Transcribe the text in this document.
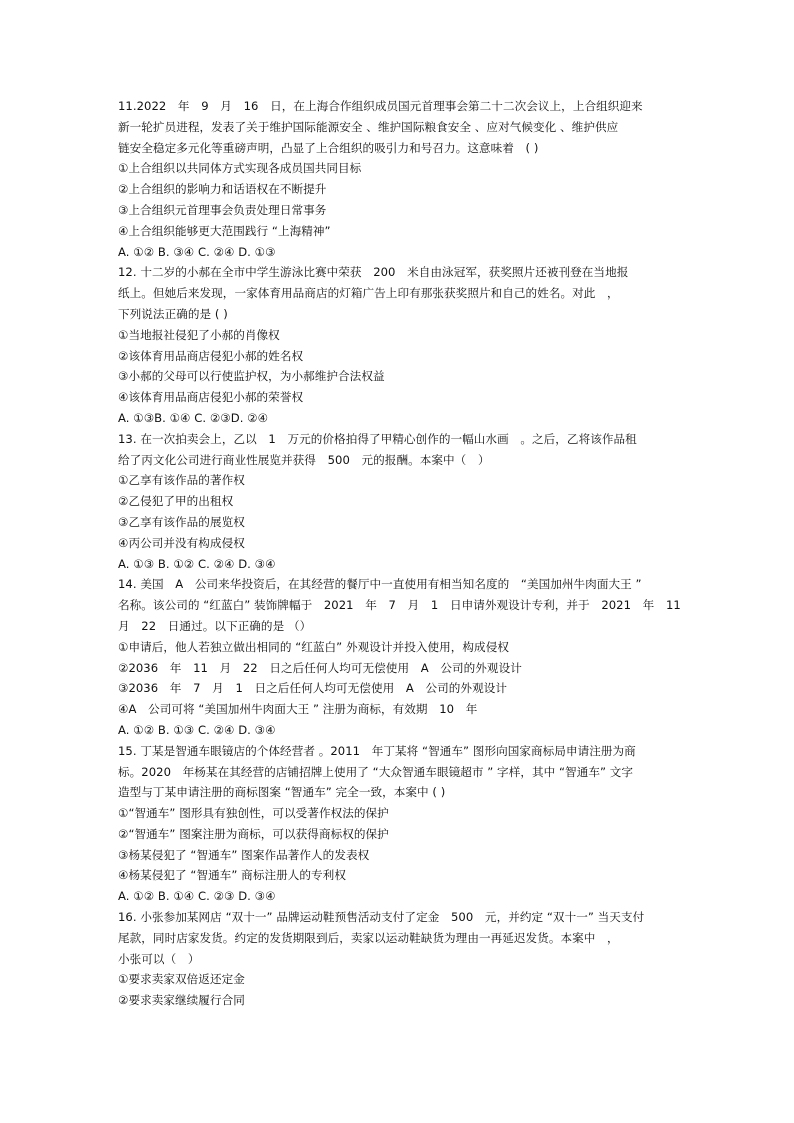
11.2022　年　9　月　16　日，在上海合作组织成员国元首理事会第二十二次会议上，上合组织迎来
新一轮扩员进程，发表了关于维护国际能源安全 、维护国际粮食安全 、应对气候变化 、维护供应
链安全稳定多元化等重磅声明，凸显了上合组织的吸引力和号召力。这意味着　( )
①上合组织以共同体方式实现各成员国共同目标
②上合组织的影响力和话语权在不断提升
③上合组织元首理事会负责处理日常事务
④上合组织能够更大范围践行 “上海精神”
A. ①② B. ③④ C. ②④ D. ①③
12. 十二岁的小郝在全市中学生游泳比赛中荣获　200　米自由泳冠军，获奖照片还被刊登在当地报
纸上。但她后来发现，一家体育用品商店的灯箱广告上印有那张获奖照片和自己的姓名。对此　，
下列说法正确的是 ( )
①当地报社侵犯了小郝的肖像权
②该体育用品商店侵犯小郝的姓名权
③小郝的父母可以行使监护权，为小郝维护合法权益
④该体育用品商店侵犯小郝的荣誉权
A. ①③B. ①④ C. ②③D. ②④
13. 在一次拍卖会上，乙以　1　万元的价格拍得了甲精心创作的一幅山水画　。之后，乙将该作品租
给了丙文化公司进行商业性展览并获得　500　元的报酬。本案中（　）
①乙享有该作品的著作权
②乙侵犯了甲的出租权
③乙享有该作品的展览权
④丙公司并没有构成侵权
A. ①③ B. ①② C. ②④ D. ③④
14. 美国　A　公司来华投资后，在其经营的餐厅中一直使用有相当知名度的　“美国加州牛肉面大王 ”
名称。该公司的 “红蓝白” 装饰牌幅于　2021　年　7　月　1　日申请外观设计专利，并于　2021　年　11
月　22　日通过。以下正确的是 （）
①申请后，他人若独立做出相同的 “红蓝白” 外观设计并投入使用，构成侵权
②2036　年　11　月　22　日之后任何人均可无偿使用　A　公司的外观设计
③2036　年　7　月　1　日之后任何人均可无偿使用　A　公司的外观设计
④A　公司可将 “美国加州牛肉面大王 ” 注册为商标，有效期　10　年
A. ①② B. ①③ C. ②④ D. ③④
15. 丁某是智通车眼镜店的个体经营者 。2011　年丁某将 “智通车” 图形向国家商标局申请注册为商
标。2020　年杨某在其经营的店铺招牌上使用了 “大众智通车眼镜超市 ” 字样，其中 “智通车” 文字
造型与丁某申请注册的商标图案 “智通车” 完全一致，本案中 ( )
①“智通车” 图形具有独创性，可以受著作权法的保护
②“智通车” 图案注册为商标，可以获得商标权的保护
③杨某侵犯了 “智通车” 图案作品著作人的发表权
④杨某侵犯了 “智通车” 商标注册人的专利权
A. ①② B. ①④ C. ②③ D. ③④
16. 小张参加某网店 “双十一” 品牌运动鞋预售活动支付了定金　500　元，并约定 “双十一” 当天支付
尾款，同时店家发货。约定的发货期限到后，卖家以运动鞋缺货为理由一再延迟发货。本案中　，
小张可以（　）
①要求卖家双倍返还定金
②要求卖家继续履行合同
